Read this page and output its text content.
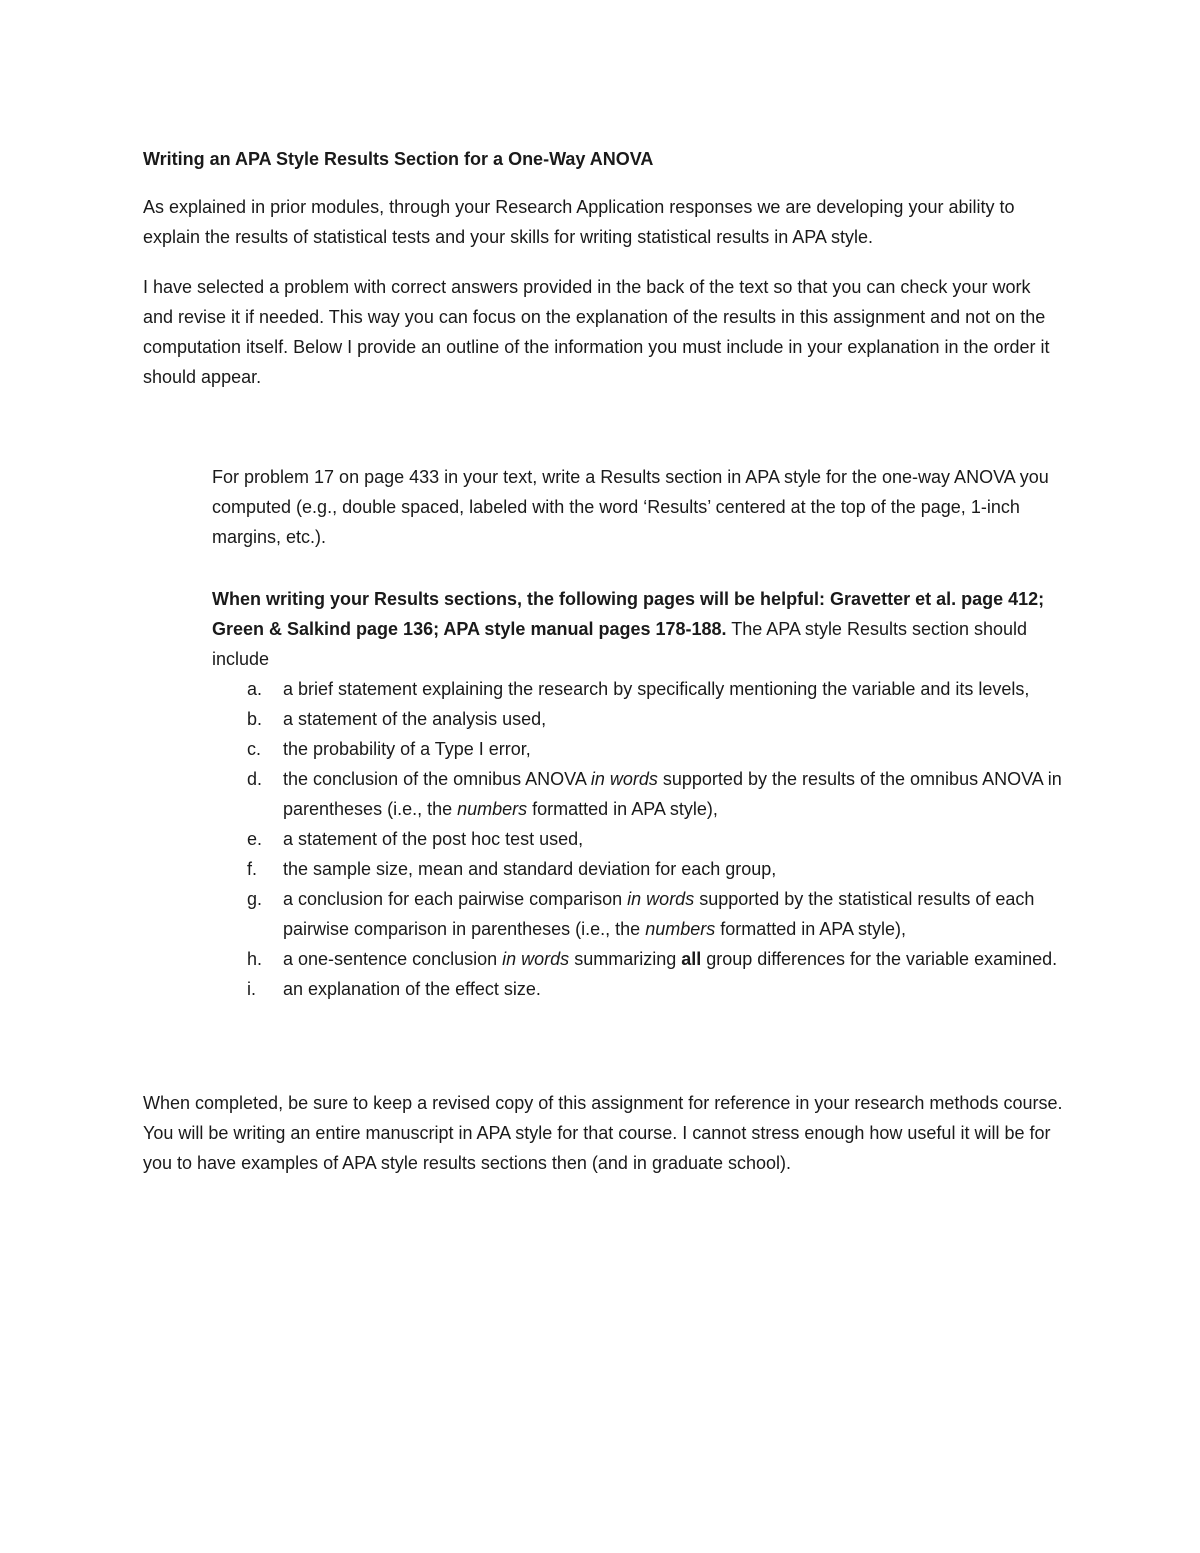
Writing an APA Style Results Section for a One-Way ANOVA

As explained in prior modules, through your Research Application responses we are developing your ability to explain the results of statistical tests and your skills for writing statistical results in APA style.

I have selected a problem with correct answers provided in the back of the text so that you can check your work and revise it if needed. This way you can focus on the explanation of the results in this assignment and not on the computation itself. Below I provide an outline of the information you must include in your explanation in the order it should appear.

For problem 17 on page 433 in your text, write a Results section in APA style for the one-way ANOVA you computed (e.g., double spaced, labeled with the word ‘Results’ centered at the top of the page, 1-inch margins, etc.).

When writing your Results sections, the following pages will be helpful: Gravetter et al. page 412; Green & Salkind page 136; APA style manual pages 178-188. The APA style Results section should include
a. a brief statement explaining the research by specifically mentioning the variable and its levels,
b. a statement of the analysis used,
c. the probability of a Type I error,
d. the conclusion of the omnibus ANOVA in words supported by the results of the omnibus ANOVA in parentheses (i.e., the numbers formatted in APA style),
e. a statement of the post hoc test used,
f. the sample size, mean and standard deviation for each group,
g. a conclusion for each pairwise comparison in words supported by the statistical results of each pairwise comparison in parentheses (i.e., the numbers formatted in APA style),
h. a one-sentence conclusion in words summarizing all group differences for the variable examined.
i. an explanation of the effect size.

When completed, be sure to keep a revised copy of this assignment for reference in your research methods course. You will be writing an entire manuscript in APA style for that course. I cannot stress enough how useful it will be for you to have examples of APA style results sections then (and in graduate school).
